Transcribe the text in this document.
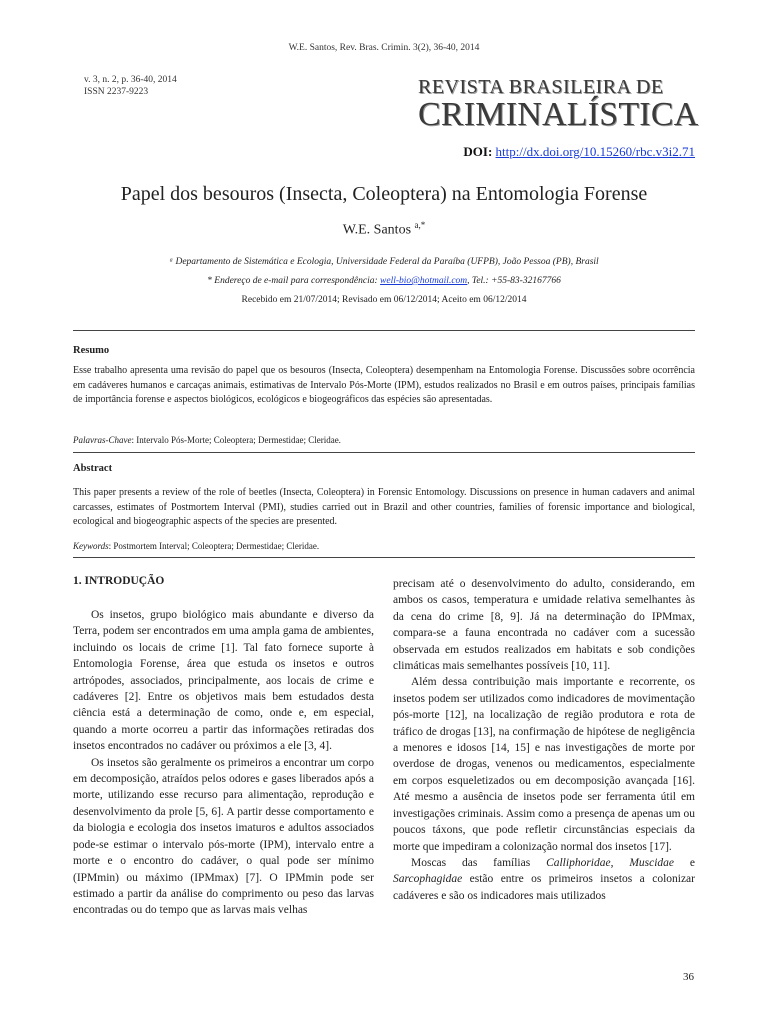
W.E. Santos, Rev. Bras. Crimin. 3(2), 36-40, 2014
v. 3, n. 2, p. 36-40, 2014
ISSN 2237-9223	REVISTA BRASILEIRA DE
CRIMINALÍSTICA
DOI: http://dx.doi.org/10.15260/rbc.v3i2.71
Papel dos besouros (Insecta, Coleoptera) na Entomologia Forense
W.E. Santos $^{a,*}$
ᵃ Departamento de Sistemática e Ecologia, Universidade Federal da Paraíba (UFPB), João Pessoa (PB), Brasil
* Endereço de e-mail para correspondência: well-bio@hotmail.com, Tel.: +55-83-32167766
Recebido em 21/07/2014; Revisado em 06/12/2014; Aceito em 06/12/2014
Resumo
Esse trabalho apresenta uma revisão do papel que os besouros (Insecta, Coleoptera) desempenham na Entomologia Forense. Discussões sobre ocorrência em cadáveres humanos e carcaças animais, estimativas de Intervalo Pós-Morte (IPM), estudos realizados no Brasil e em outros países, principais famílias de importância forense e aspectos biológicos, ecológicos e biogeográficos das espécies são apresentadas.
Palavras-Chave: Intervalo Pós-Morte; Coleoptera; Dermestidae; Cleridae.
Abstract
This paper presents a review of the role of beetles (Insecta, Coleoptera) in Forensic Entomology. Discussions on presence in human cadavers and animal carcasses, estimates of Postmortem Interval (PMI), studies carried out in Brazil and other countries, families of forensic importance and biological, ecological and biogeographic aspects of the species are presented.
Keywords: Postmortem Interval; Coleoptera; Dermestidae; Cleridae.
1. INTRODUÇÃO

Os insetos, grupo biológico mais abundante e diverso da Terra, podem ser encontrados em uma ampla gama de ambientes, incluindo os locais de crime [1]. Tal fato fornece suporte à Entomologia Forense, área que estuda os insetos e outros artrópodes, associados, principalmente, aos locais de crime e cadáveres [2]. Entre os objetivos mais bem estudados desta ciência está a determinação de como, onde e, em especial, quando a morte ocorreu a partir das informações retiradas dos insetos encontrados no cadáver ou próximos a ele [3, 4].

Os insetos são geralmente os primeiros a encontrar um corpo em decomposição, atraídos pelos odores e gases liberados após a morte, utilizando esse recurso para alimentação, reprodução e desenvolvimento da prole [5, 6]. A partir desse comportamento e da biologia e ecologia dos insetos imaturos e adultos associados pode-se estimar o intervalo pós-morte (IPM), intervalo entre a morte e o encontro do cadáver, o qual pode ser mínimo (IPMmin) ou máximo (IPMmax) [7]. O IPMmin pode ser estimado a partir da análise do comprimento ou peso das larvas encontradas ou do tempo que as larvas mais velhas

precisam até o desenvolvimento do adulto, considerando, em ambos os casos, temperatura e umidade relativa semelhantes às da cena do crime [8, 9]. Já na determinação do IPMmax, compara-se a fauna encontrada no cadáver com a sucessão observada em estudos realizados em habitats e sob condições climáticas mais semelhantes possíveis [10, 11].

Além dessa contribuição mais importante e recorrente, os insetos podem ser utilizados como indicadores de movimentação pós-morte [12], na localização de região produtora e rota de tráfico de drogas [13], na confirmação de hipótese de negligência a menores e idosos [14, 15] e nas investigações de morte por overdose de drogas, venenos ou medicamentos, especialmente em corpos esqueletizados ou em decomposição avançada [16]. Até mesmo a ausência de insetos pode ser ferramenta útil em investigações criminais. Assim como a presença de apenas um ou poucos táxons, que pode refletir circunstâncias especiais da morte que impediram a colonização normal dos insetos [17].

Moscas das famílias Calliphoridae, Muscidae e Sarcophagidae estão entre os primeiros insetos a colonizar cadáveres e são os indicadores mais utilizados

36
